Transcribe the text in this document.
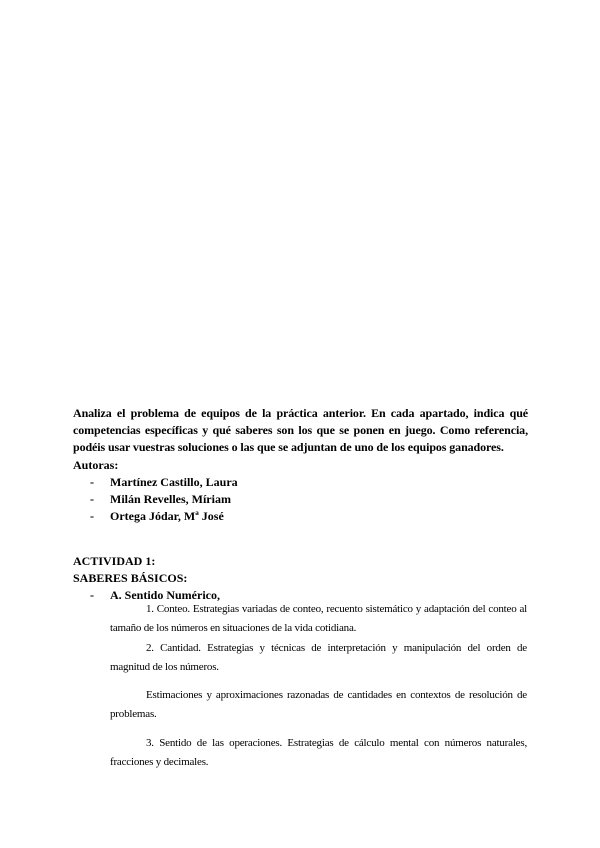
Analiza el problema de equipos de la práctica anterior. En cada apartado, indica qué competencias específicas y qué saberes son los que se ponen en juego. Como referencia, podéis usar vuestras soluciones o las que se adjuntan de uno de los equipos ganadores.
Autoras:
- Martínez Castillo, Laura
- Milán Revelles, Míriam
- Ortega Jódar, Mª José
ACTIVIDAD 1:
SABERES BÁSICOS:
- A. Sentido Numérico,
1. Conteo. Estrategias variadas de conteo, recuento sistemático y adaptación del conteo al tamaño de los números en situaciones de la vida cotidiana.
2. Cantidad. Estrategias y técnicas de interpretación y manipulación del orden de magnitud de los números.
Estimaciones y aproximaciones razonadas de cantidades en contextos de resolución de problemas.
3. Sentido de las operaciones. Estrategias de cálculo mental con números naturales, fracciones y decimales.
